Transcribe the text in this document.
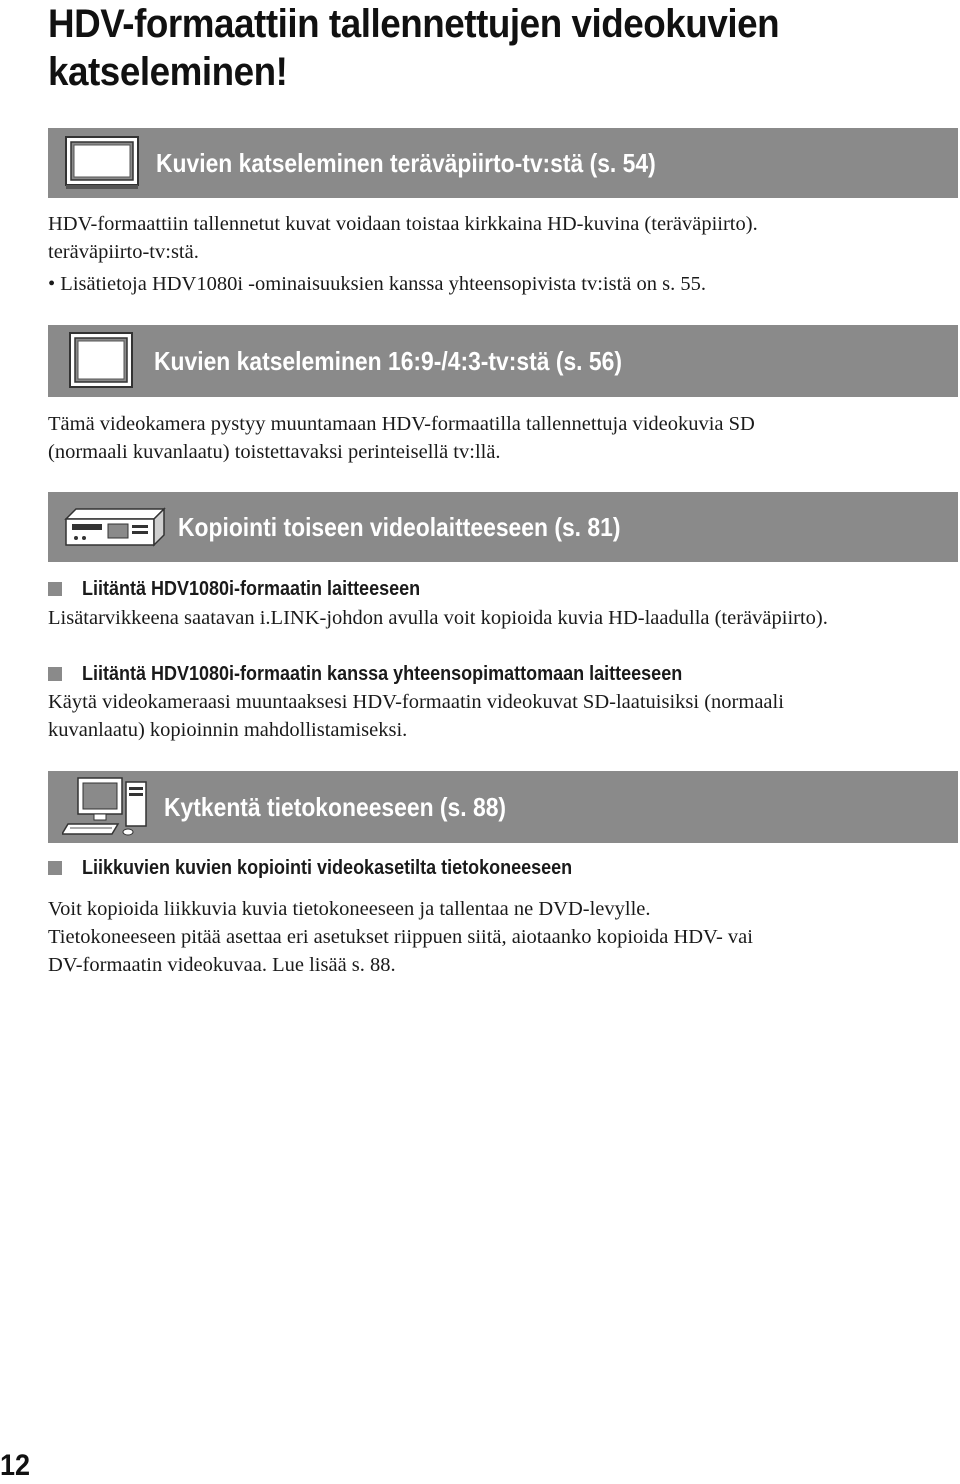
HDV-formaattiin tallennettujen videokuvien
katseleminen!
Kuvien katseleminen teräväpiirto-tv:stä (s. 54)

HDV-formaattiin tallennetut kuvat voidaan toistaa kirkkaina HD-kuvina (teräväpiirto).

teräväpiirto-tv:stä.

• Lisätietoja HDV1080i -ominaisuuksien kanssa yhteensopivista tv:istä on s. 55.

Kuvien katseleminen 16:9-/4:3-tv:stä (s. 56)

Tämä videokamera pystyy muuntamaan HDV-formaatilla tallennettuja videokuvia SD

(normaali kuvanlaatu) toistettavaksi perinteisellä tv:llä.

Kopiointi toiseen videolaitteeseen (s. 81)
Liitäntä HDV1080i-formaatin laitteeseen

Lisätarvikkeena saatavan i.LINK-johdon avulla voit kopioida kuvia HD-laadulla (teräväpiirto).

Liitäntä HDV1080i-formaatin kanssa yhteensopimattomaan laitteeseen

Käytä videokameraasi muuntaaksesi HDV-formaatin videokuvat SD-laatuisiksi (normaali

kuvanlaatu) kopioinnin mahdollistamiseksi.

Kytkentä tietokoneeseen (s. 88)
Liikkuvien kuvien kopiointi videokasetilta tietokoneeseen

Voit kopioida liikkuvia kuvia tietokoneeseen ja tallentaa ne DVD-levylle.

Tietokoneeseen pitää asettaa eri asetukset riippuen siitä, aiotaanko kopioida HDV- vai

DV-formaatin videokuvaa. Lue lisää s. 88.

12
